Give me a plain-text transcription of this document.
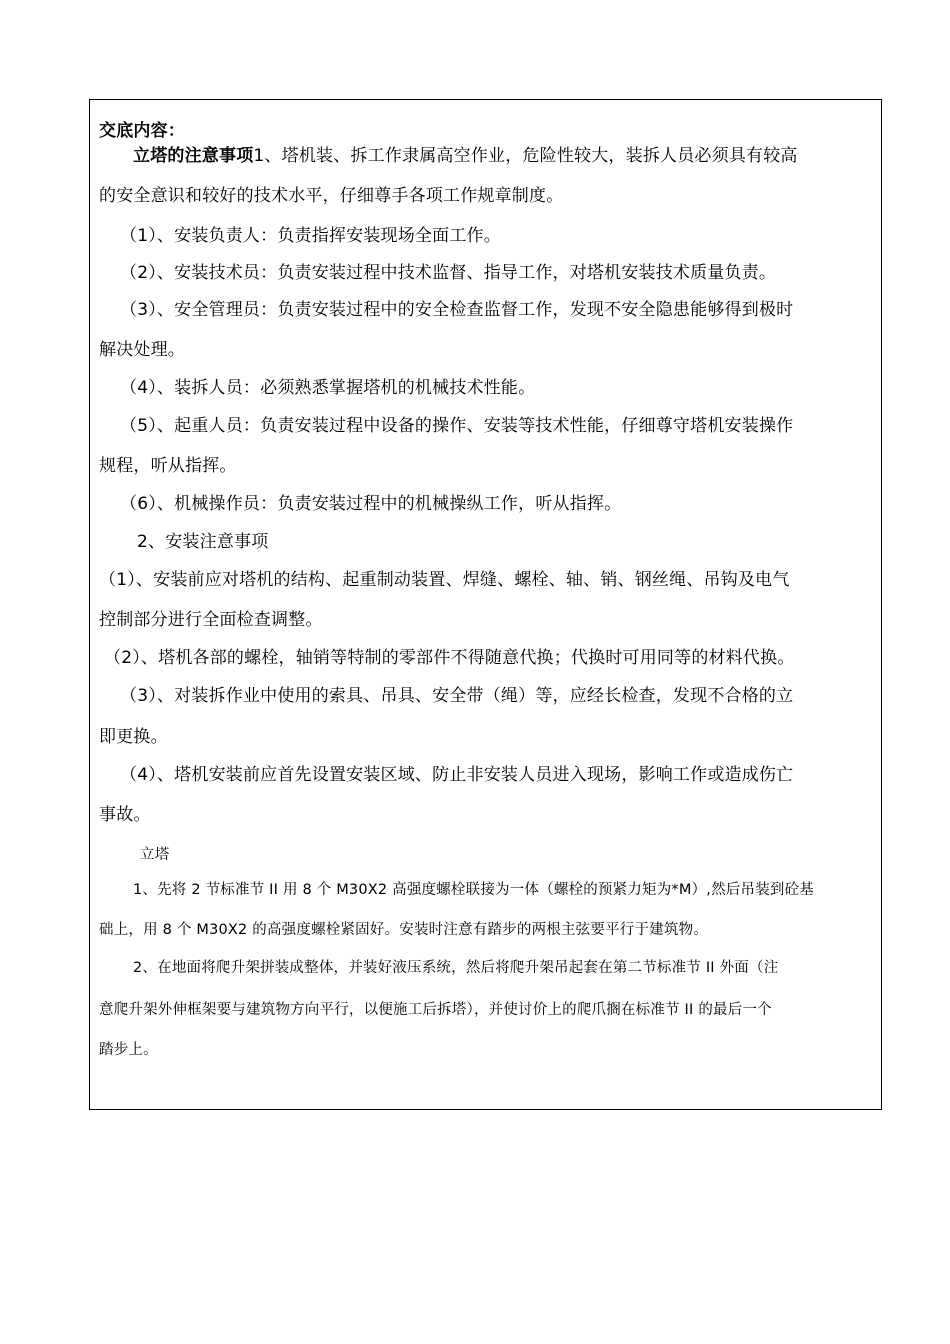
交底内容：
立塔的注意事项1、塔机装、拆工作隶属高空作业，危险性较大，装拆人员必须具有较高
的安全意识和较好的技术水平，仔细尊手各项工作规章制度。
（1）、安装负责人：负责指挥安装现场全面工作。
（2）、安装技术员：负责安装过程中技术监督、指导工作，对塔机安装技术质量负责。
（3）、安全管理员：负责安装过程中的安全检查监督工作，发现不安全隐患能够得到极时
解决处理。
（4）、装拆人员：必须熟悉掌握塔机的机械技术性能。
（5）、起重人员：负责安装过程中设备的操作、安装等技术性能，仔细尊守塔机安装操作
规程，听从指挥。
（6）、机械操作员：负责安装过程中的机械操纵工作，听从指挥。
2、安装注意事项
（1）、安装前应对塔机的结构、起重制动装置、焊缝、螺栓、轴、销、钢丝绳、吊钩及电气
控制部分进行全面检查调整。
（2）、塔机各部的螺栓，轴销等特制的零部件不得随意代换；代换时可用同等的材料代换。
（3）、对装拆作业中使用的索具、吊具、安全带（绳）等，应经长检查，发现不合格的立
即更换。
（4）、塔机安装前应首先设置安装区域、防止非安装人员进入现场，影响工作或造成伤亡
事故。
立塔
1、先将 2 节标准节 II 用 8 个 M30X2 高强度螺栓联接为一体（螺栓的预紧力矩为*M）,然后吊装到砼基
础上，用 8 个 M30X2 的高强度螺栓紧固好。安装时注意有踏步的两根主弦要平行于建筑物。
2、在地面将爬升架拼装成整体，并装好液压系统，然后将爬升架吊起套在第二节标准节 II 外面（注
意爬升架外伸框架要与建筑物方向平行，以便施工后拆塔），并使讨价上的爬爪搁在标准节 II 的最后一个
踏步上。
